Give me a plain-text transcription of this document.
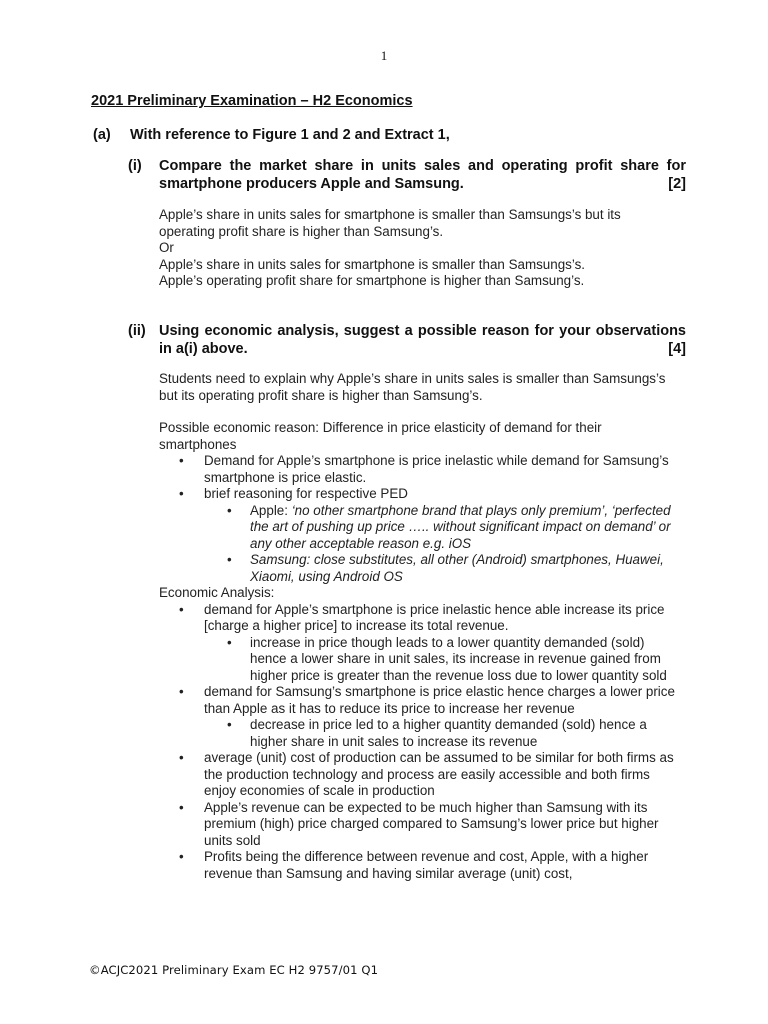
1
2021 Preliminary Examination – H2 Economics
(a) With reference to Figure 1 and 2 and Extract 1,
(i) Compare the market share in units sales and operating profit share for smartphone producers Apple and Samsung.	[2]

Apple’s share in units sales for smartphone is smaller than Samsungs’s but its operating profit share is higher than Samsung’s.

Or

Apple’s share in units sales for smartphone is smaller than Samsungs’s.

Apple’s operating profit share for smartphone is higher than Samsung’s.

(ii) Using economic analysis, suggest a possible reason for your observations in a(i) above.	[4]
Students need to explain why Apple’s share in units sales is smaller than Samsungs’s but its operating profit share is higher than Samsung’s.

Possible economic reason: Difference in price elasticity of demand for their smartphones

• Demand for Apple’s smartphone is price inelastic while demand for Samsung’s smartphone is price elastic.
• brief reasoning for respective PED
• Apple: ‘no other smartphone brand that plays only premium’, ‘perfected the art of pushing up price ….. without significant impact on demand’ or any other acceptable reason e.g. iOS
• Samsung: close substitutes, all other (Android) smartphones, Huawei, Xiaomi, using Android OS

Economic Analysis:

• demand for Apple’s smartphone is price inelastic hence able increase its price [charge a higher price] to increase its total revenue.
• increase in price though leads to a lower quantity demanded (sold) hence a lower share in unit sales, its increase in revenue gained from higher price is greater than the revenue loss due to lower quantity sold
• demand for Samsung’s smartphone is price elastic hence charges a lower price than Apple as it has to reduce its price to increase her revenue
• decrease in price led to a higher quantity demanded (sold) hence a higher share in unit sales to increase its revenue
• average (unit) cost of production can be assumed to be similar for both firms as the production technology and process are easily accessible and both firms enjoy economies of scale in production
• Apple’s revenue can be expected to be much higher than Samsung with its premium (high) price charged compared to Samsung’s lower price but higher units sold
• Profits being the difference between revenue and cost, Apple, with a higher revenue than Samsung and having similar average (unit) cost,
©ACJC2021 Preliminary Exam EC H2 9757/01 Q1
